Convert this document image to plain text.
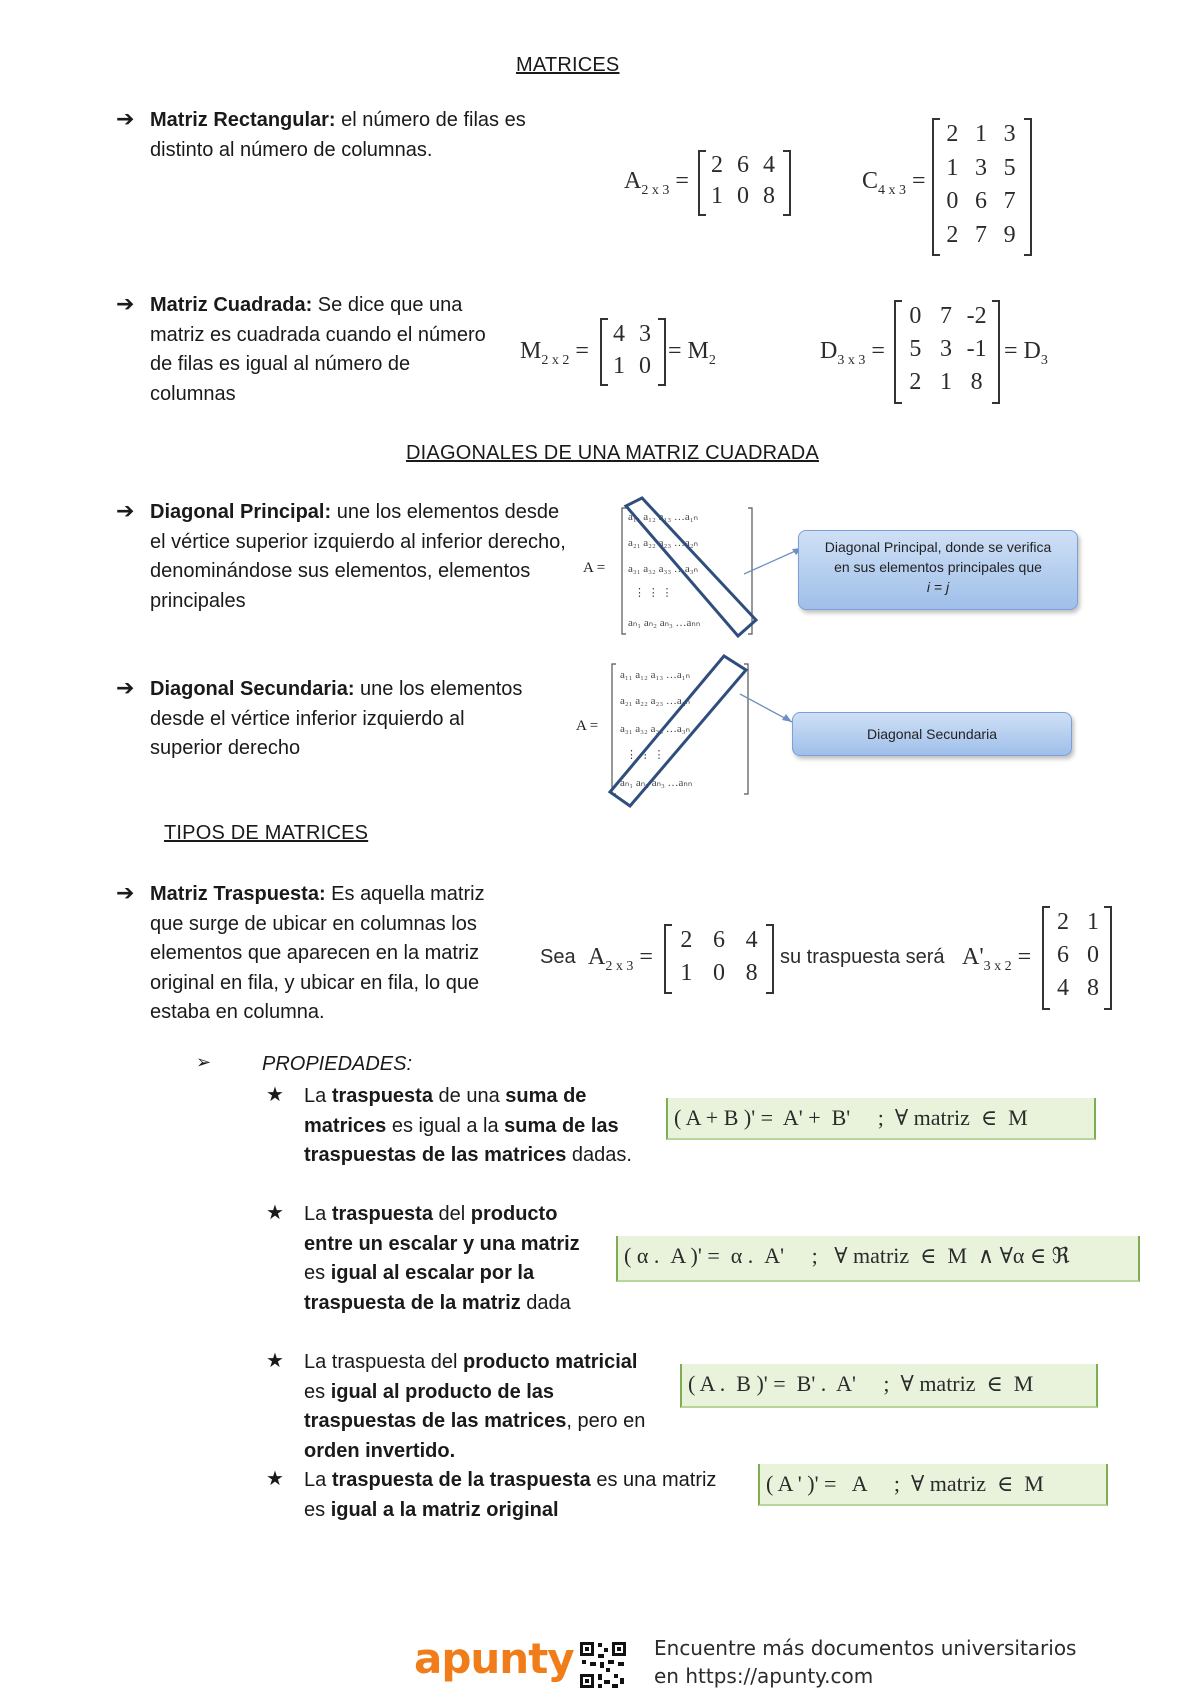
MATRICES
➔ Matriz Rectangular: el número de filas es distinto al número de columnas.
$A_{2 x 3}$ =
2 6 4
1 0 8
$C_{4 x 3}$ =
2 1 3
1 3 5
0 6 7
2 7 9
➔ Matriz Cuadrada: Se dice que una matriz es cuadrada cuando el número de filas es igual al número de columnas
$M_{2 x 2}$ =
4 3
1 0
= $M_2$	$D_{3 x 3}$ =
0 7 -2
5 3 -1
2 1 8
= $D_3$
DIAGONALES DE UNA MATRIZ CUADRADA
➔ Diagonal Principal: une los elementos desde el vértice superior izquierdo al inferior derecho, denominándose sus elementos, elementos principales
A =
a₁₁ a₁₂ a₁₃ …a₁ₙ
a₂₁ a₂₂ a₂₃ …a₂ₙ
a₃₁ a₃₂ a₃₃ …a₃ₙ
⋮ ⋮ ⋮
aₙ₁ aₙ₂ aₙ₃ …aₙₙ
Diagonal Principal, donde se verifica
en sus elementos principales que
i = j
➔ Diagonal Secundaria: une los elementos desde el vértice inferior izquierdo al superior derecho
A =
a₁₁ a₁₂ a₁₃ …a₁ₙ
a₂₁ a₂₂ a₂₃ …a₂ₙ
a₃₁ a₃₂ a₃₃ …a₃ₙ
⋮ ⋮ ⋮
aₙ₁ aₙ₂ aₙ₃ …aₙₙ
Diagonal Secundaria
TIPOS DE MATRICES
➔ Matriz Traspuesta: Es aquella matriz que surge de ubicar en columnas los elementos que aparecen en la matriz original en fila, y ubicar en fila, lo que estaba en columna.
Sea $A_{2 x 3}$ =
2 6 4
1 0 8
su traspuesta será $A'_{3 x 2}$ =
2 1
6 0
4 8
➢	PROPIEDADES:
★ La traspuesta de una suma de matrices es igual a la suma de las traspuestas de las matrices dadas.
( A + B )' =  A' +  B'     ;  ∀ matriz  ∈  M
★ La traspuesta del producto entre un escalar y una matriz es igual al escalar por la traspuesta de la matriz dada
( α .  A )' =  α .  A'     ;   ∀ matriz  ∈  M  ∧ ∀α ∈ ℜ
★ La traspuesta del producto matricial es igual al producto de las traspuestas de las matrices, pero en orden invertido.
( A .  B )' =  B' .  A'     ;  ∀ matriz  ∈  M
★ La traspuesta de la traspuesta es una matriz es igual a la matriz original
( A ' )' =   A     ;  ∀ matriz  ∈  M
apunty	Encuentre más documentos universitarios
en https://apunty.com
